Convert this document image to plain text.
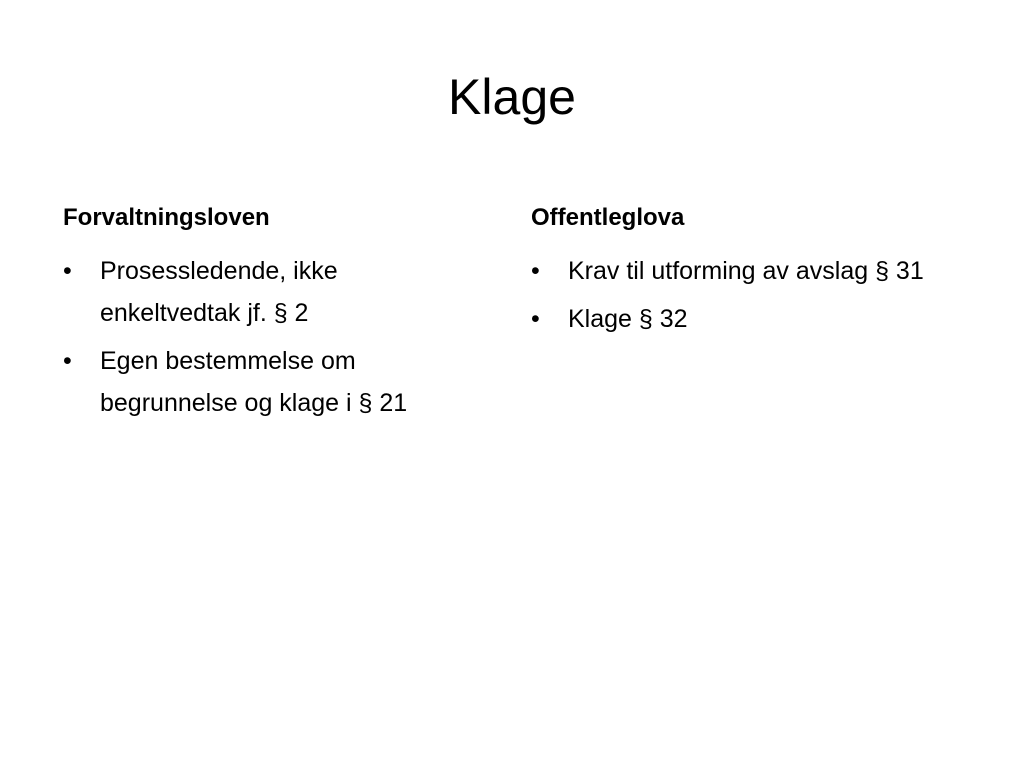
Klage
Forvaltningsloven
•	Prosessledende, ikke enkeltvedtak jf. § 2
•	Egen bestemmelse om begrunnelse og klage i § 21
Offentleglova
•	Krav til utforming av avslag § 31
•	Klage § 32
